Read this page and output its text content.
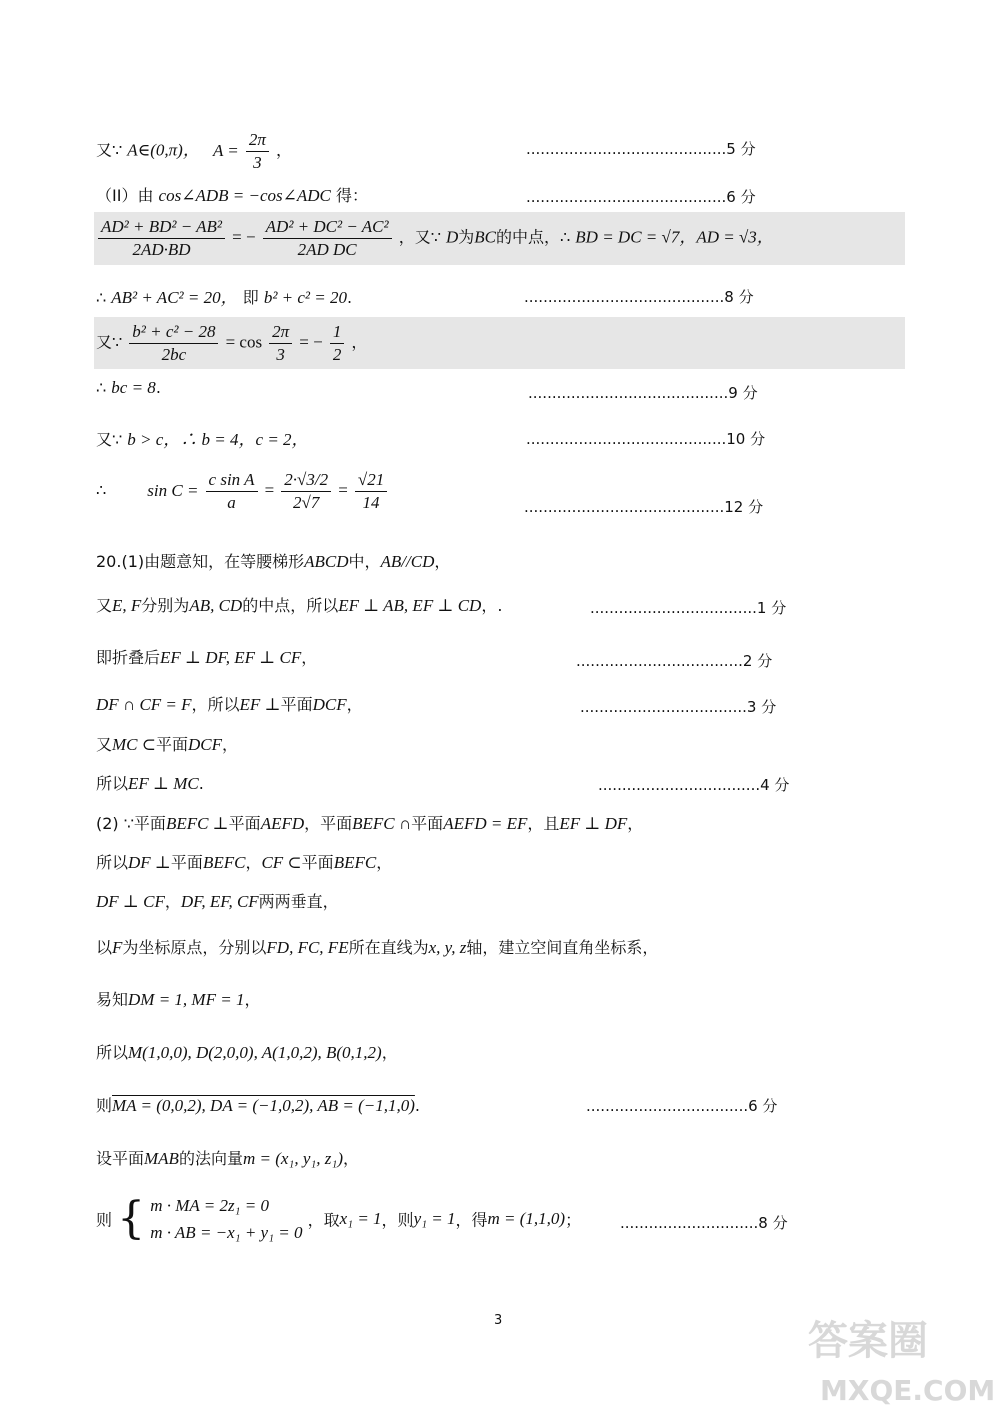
又∵ A∈(0,π)， $A = \frac{2\pi}{3}$ ，	..........................................5 分
（II）由 cos∠ADB = −cos∠ADC 得：	..........................................6 分
$\frac{\text{AD² + BD² − AB²}}{2AD\cdot BD}$ = − $\frac{\text{AD² + DC² − AC²}}{\text{2AD DC}}$ ，又∵ D为BC的中点，∴ BD = DC = √7，AD = √3，
∴ AB² + AC² = 20， 即 b² + c² = 20.	..........................................8 分
又∵ $\frac{\text{b² + c² − 28}}{2bc} = \cos \frac{2\pi}{3}$ = − $\frac{1}{2}$ ，
∴ bc = 8.	..........................................9 分
又∵ b > c，∴ b = 4，c = 2，	..........................................10 分
∴ $\sin C = \frac{\text{c sin A}}{a} = \frac{2\cdot√3/2}{2√7} = \frac{√21}{14}$	..........................................12 分
20.(1)由题意知，在等腰梯形ABCD中，AB//CD，
又E, F分别为AB, CD的中点，所以EF ⊥ AB, EF ⊥ CD，.	...................................1 分
即折叠后EF ⊥ DF, EF ⊥ CF，	...................................2 分
DF ∩ CF = F，所以EF ⊥平面DCF，	...................................3 分
又MC ⊂平面DCF，
所以EF ⊥ MC.	..................................4 分
(2) ∵平面BEFC ⊥平面AEFD，平面BEFC ∩平面AEFD = EF，且EF ⊥ DF，
所以DF ⊥平面BEFC，CF ⊂平面BEFC，
DF ⊥ CF，DF, EF, CF两两垂直，
以F为坐标原点，分别以FD, FC, FE所在直线为x, y, z轴，建立空间直角坐标系，
易知DM = 1, MF = 1，
所以M(1,0,0), D(2,0,0), A(1,0,2), B(0,1,2)，
则MA = (0,0,2), DA = (−1,0,2), AB = (−1,1,0).	..................................6 分
设平面MAB的法向量m = (x₁, y₁, z₁)，
则 { m · MA = 2z₁ = 0
m · AB = −x₁ + y₁ = 0
，取x₁ = 1，则y₁ = 1，得m = (1,1,0)；	.............................8 分
3	答案圈
MXQE.COM
